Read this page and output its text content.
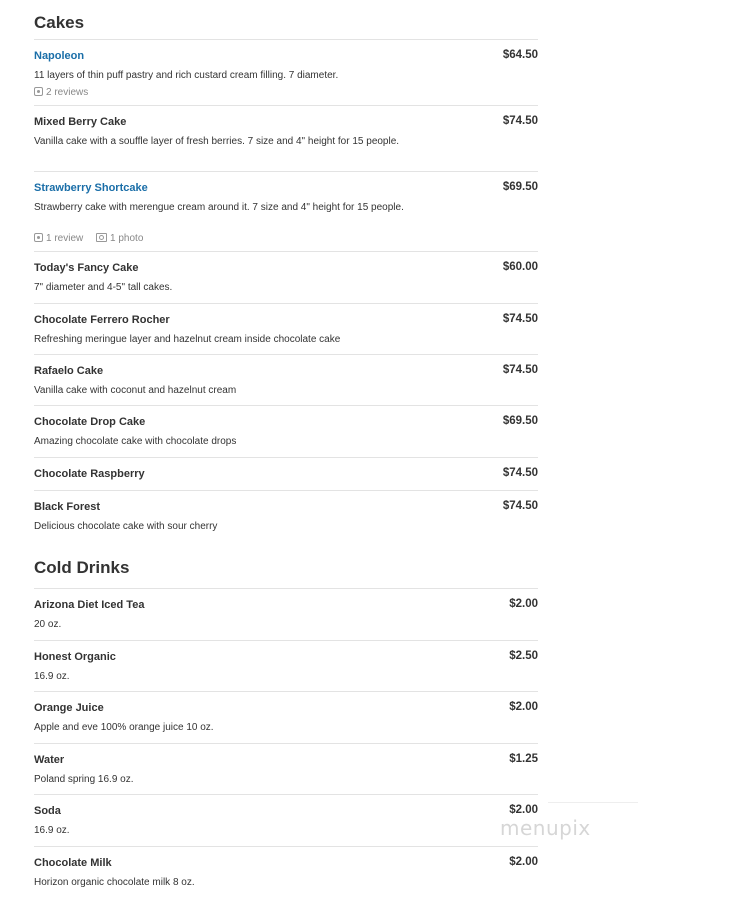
Cakes
Napoleon	$64.50
11 layers of thin puff pastry and rich custard cream filling. 7 diameter.
2 reviews
Mixed Berry Cake	$74.50
Vanilla cake with a souffle layer of fresh berries. 7 size and 4" height for 15 people.
Strawberry Shortcake	$69.50
Strawberry cake with merengue cream around it. 7 size and 4" height for 15 people.
1 review	1 photo
Today's Fancy Cake	$60.00
7" diameter and 4-5" tall cakes.
Chocolate Ferrero Rocher	$74.50
Refreshing meringue layer and hazelnut cream inside chocolate cake
Rafaelo Cake	$74.50
Vanilla cake with coconut and hazelnut cream
Chocolate Drop Cake	$69.50
Amazing chocolate cake with chocolate drops
Chocolate Raspberry	$74.50
Black Forest	$74.50
Delicious chocolate cake with sour cherry
Cold Drinks
Arizona Diet Iced Tea	$2.00
20 oz.
Honest Organic	$2.50
16.9 oz.
Orange Juice	$2.00
Apple and eve 100% orange juice 10 oz.
Water	$1.25
Poland spring 16.9 oz.
Soda	$2.00
16.9 oz.
Chocolate Milk	$2.00
Horizon organic chocolate milk 8 oz.
menupix
